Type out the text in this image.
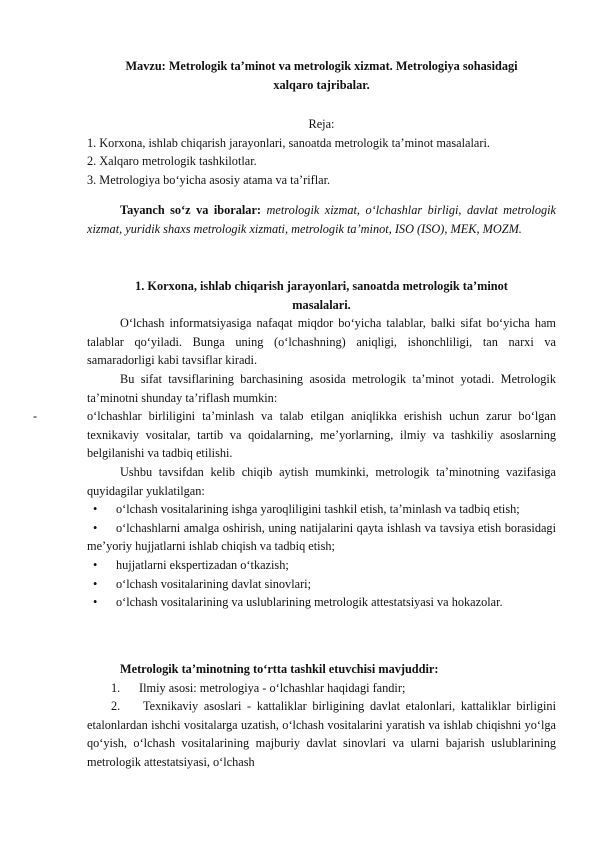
Mavzu: Metrologik ta’minot va metrologik xizmat. Metrologiya sohasidagi

xalqaro tajribalar.

Reja:

1. Korxona, ishlab chiqarish jarayonlari, sanoatda metrologik ta’minot masalalari.

2. Xalqaro metrologik tashkilotlar.

3. Metrologiya bo‘yicha asosiy atama va ta’riflar.

Tayanch so‘z va iboralar: metrologik xizmat, o‘lchashlar birligi, davlat metrologik xizmat, yuridik shaxs metrologik xizmati, metrologik ta’minot, ISO (ISO), MEK, MOZM.

1. Korxona, ishlab chiqarish jarayonlari, sanoatda metrologik ta’minot

masalalari.

O‘lchash informatsiyasiga nafaqat miqdor bo‘yicha talablar, balki sifat bo‘yicha ham talablar qo‘yiladi. Bunga uning (o‘lchashning) aniqligi, ishonchliligi, tan narxi va samaradorligi kabi tavsiflar kiradi.

Bu sifat tavsiflarining barchasining asosida metrologik ta’minot yotadi. Metrologik ta’minotni shunday ta’riflash mumkin:

-	o‘lchashlar birliligini ta’minlash va talab etilgan aniqlikka erishish uchun zarur bo‘lgan texnikaviy vositalar, tartib va qoidalarning, me’yorlarning, ilmiy va tashkiliy asoslarning belgilanishi va tadbiq etilishi.

Ushbu tavsifdan kelib chiqib aytish mumkinki, metrologik ta’minotning vazifasiga quyidagilar yuklatilgan:

• o‘lchash vositalarining ishga yaroqliligini tashkil etish, ta’minlash va tadbiq etish;

• o‘lchashlarni amalga oshirish, uning natijalarini qayta ishlash va tavsiya etish borasidagi me’yoriy hujjatlarni ishlab chiqish va tadbiq etish;

• hujjatlarni ekspertizadan o‘tkazish;

• o‘lchash vositalarining davlat sinovlari;

• o‘lchash vositalarining va uslublarining metrologik attestatsiyasi va hokazolar.

Metrologik ta’minotning to‘rtta tashkil etuvchisi mavjuddir:

1. Ilmiy asosi: metrologiya - o‘lchashlar haqidagi fandir;

2. Texnikaviy asoslari - kattaliklar birligining davlat etalonlari, kattaliklar birligini etalonlardan ishchi vositalarga uzatish, o‘lchash vositalarini yaratish va ishlab chiqishni yo‘lga qo‘yish, o‘lchash vositalarining majburiy davlat sinovlari va ularni bajarish uslublarining metrologik attestatsiyasi, o‘lchash
